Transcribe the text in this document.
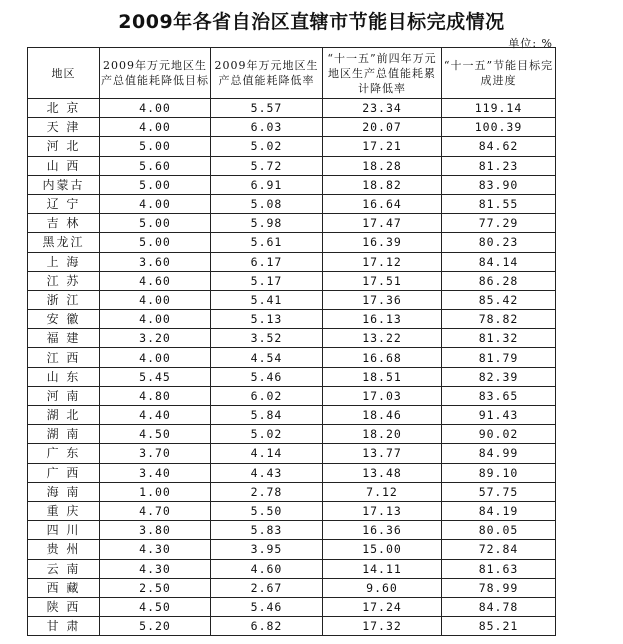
2009年各省自治区直辖市节能目标完成情况
单位: %
地区	2009年万元地区生产总值能耗降低目标	2009年万元地区生产总值能耗降低率	“十一五”前四年万元地区生产总值能耗累计降低率	“十一五”节能目标完成进度
北 京	4.00	5.57	23.34	119.14
天 津	4.00	6.03	20.07	100.39
河 北	5.00	5.02	17.21	84.62
山 西	5.60	5.72	18.28	81.23
内蒙古	5.00	6.91	18.82	83.90
辽 宁	4.00	5.08	16.64	81.55
吉 林	5.00	5.98	17.47	77.29
黑龙江	5.00	5.61	16.39	80.23
上 海	3.60	6.17	17.12	84.14
江 苏	4.60	5.17	17.51	86.28
浙 江	4.00	5.41	17.36	85.42
安 徽	4.00	5.13	16.13	78.82
福 建	3.20	3.52	13.22	81.32
江 西	4.00	4.54	16.68	81.79
山 东	5.45	5.46	18.51	82.39
河 南	4.80	6.02	17.03	83.65
湖 北	4.40	5.84	18.46	91.43
湖 南	4.50	5.02	18.20	90.02
广 东	3.70	4.14	13.77	84.99
广 西	3.40	4.43	13.48	89.10
海 南	1.00	2.78	7.12	57.75
重 庆	4.70	5.50	17.13	84.19
四 川	3.80	5.83	16.36	80.05
贵 州	4.30	3.95	15.00	72.84
云 南	4.30	4.60	14.11	81.63
西 藏	2.50	2.67	9.60	78.99
陕 西	4.50	5.46	17.24	84.78
甘 肃	5.20	6.82	17.32	85.21
